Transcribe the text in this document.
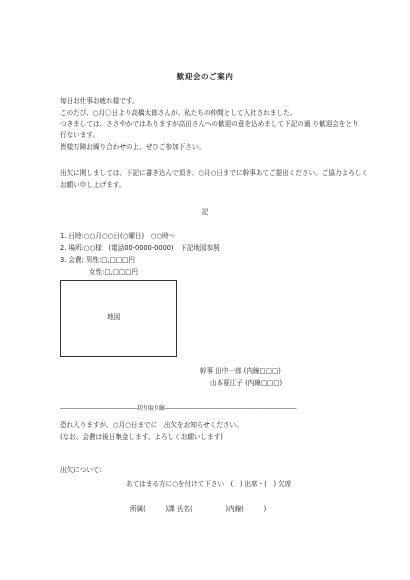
歓迎会のご案内
毎日お仕事お疲れ様です。
このたび、○月〇日より高橋太郎さんが、私たちの仲間として入社されました。
つきましては、ささやかではありますが高田さんへの歓迎の意を込めまして下記の通 り歓迎会をとり
行ないます。
皆様万障お繰り合わせの上、ぜひご参加下さい。
出欠に関しましては、下記に書き込んで頂き、○月○日までに幹事あてご提出ください。ご協力よろしく
お願い申し上げます。
記
1. 日時:○○月○○日(○曜日)　○○時～
2. 場所:○○様　(電話00-0000-0000)　下記地図参照
3. 会費: 男性:□,□□□円
女性:□,□□□円
地図
幹事 田中一郎 (内線□□□)
山本夏江子 (内線□□□)
――――――――――――――切り取り線――――――――――――――――――――――――
恐れ入りますが、○月○日までに　出欠をお知らせください。
(なお、会費は後日集金します。よろしくお願いします)
出欠について:
あてはまる方に○を付けて下さい　(　) 出席・(　) 欠席
所属(　　　)課 氏名(　　　　　)内線(　　　)
